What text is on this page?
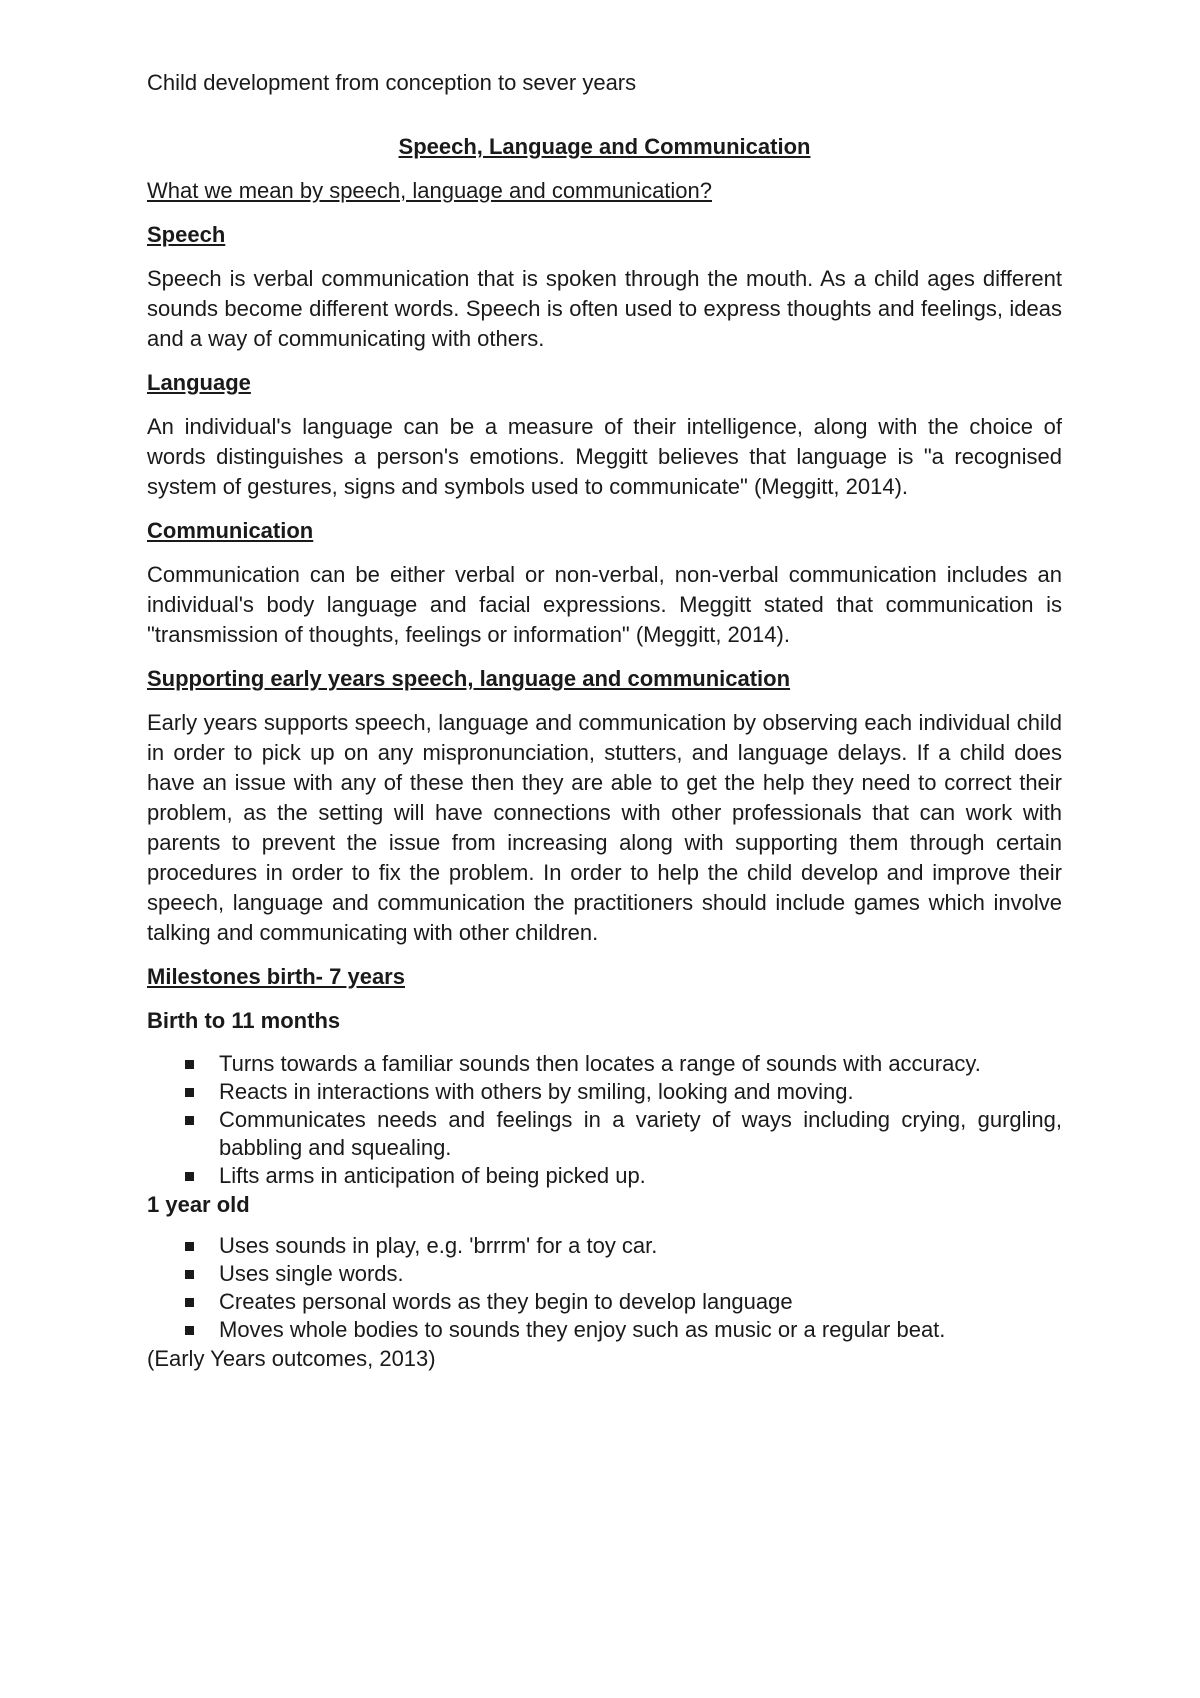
Child development from conception to sever years

Speech, Language and Communication

What we mean by speech, language and communication?

Speech

Speech is verbal communication that is spoken through the mouth. As a child ages different sounds become different words. Speech is often used to express thoughts and feelings, ideas and a way of communicating with others.

Language

An individual's language can be a measure of their intelligence, along with the choice of words distinguishes a person's emotions. Meggitt believes that language is "a recognised system of gestures, signs and symbols used to communicate" (Meggitt, 2014).

Communication

Communication can be either verbal or non-verbal, non-verbal communication includes an individual's body language and facial expressions. Meggitt stated that communication is "transmission of thoughts, feelings or information" (Meggitt, 2014).

Supporting early years speech, language and communication

Early years supports speech, language and communication by observing each individual child in order to pick up on any mispronunciation, stutters, and language delays. If a child does have an issue with any of these then they are able to get the help they need to correct their problem, as the setting will have connections with other professionals that can work with parents to prevent the issue from increasing along with supporting them through certain procedures in order to fix the problem. In order to help the child develop and improve their speech, language and communication the practitioners should include games which involve talking and communicating with other children.

Milestones birth- 7 years

Birth to 11 months

Turns towards a familiar sounds then locates a range of sounds with accuracy.
Reacts in interactions with others by smiling, looking and moving.
Communicates needs and feelings in a variety of ways including crying, gurgling, babbling and squealing.
Lifts arms in anticipation of being picked up.

1 year old

Uses sounds in play, e.g. 'brrrm' for a toy car.
Uses single words.
Creates personal words as they begin to develop language
Moves whole bodies to sounds they enjoy such as music or a regular beat.

(Early Years outcomes, 2013)
